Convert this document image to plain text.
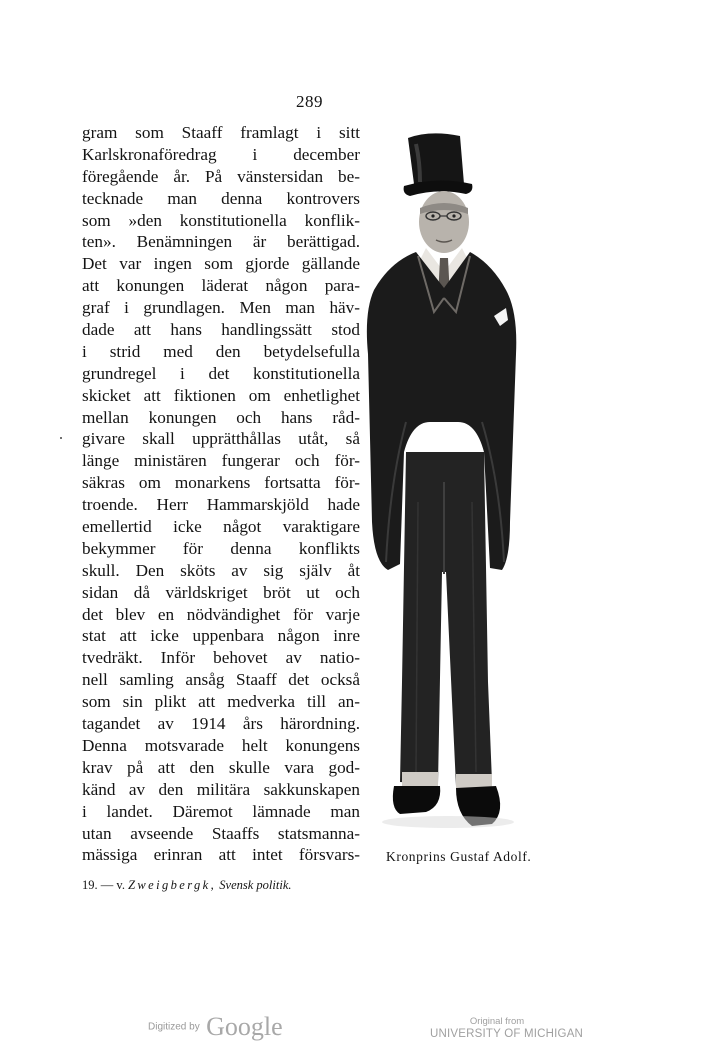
289
gram som Staaff framlagt i sitt
Karlskronaföredrag i december
föregående år. På vänstersidan be-
tecknade man denna kontrovers
som »den konstitutionella konflik-
ten». Benämningen är berättigad.
Det var ingen som gjorde gällande
att konungen läderat någon para-
graf i grundlagen. Men man häv-
dade att hans handlingssätt stod
i strid med den betydelsefulla
grundregel i det konstitutionella
skicket att fiktionen om enhetlighet
mellan konungen och hans råd-
givare skall upprätthållas utåt, så
länge ministären fungerar och för-
säkras om monarkens fortsatta för-
troende. Herr Hammarskjöld hade
emellertid icke något varaktigare
bekymmer för denna konflikts
skull. Den sköts av sig själv åt
sidan då världskriget bröt ut och
det blev en nödvändighet för varje
stat att icke uppenbara någon inre
tvedräkt. Inför behovet av natio-
nell samling ansåg Staaff det också
som sin plikt att medverka till an-
tagandet av 1914 års härordning.
Denna motsvarade helt konungens
krav på att den skulle vara god-
känd av den militära sakkunskapen
i landet. Däremot lämnade man
utan avseende Staaffs statsmanna-
mässiga erinran att intet försvars-
19. — v. Zweigbergk, Svensk politik.
Kronprins Gustaf Adolf.
Digitized by Google	Original from
UNIVERSITY OF MICHIGAN
